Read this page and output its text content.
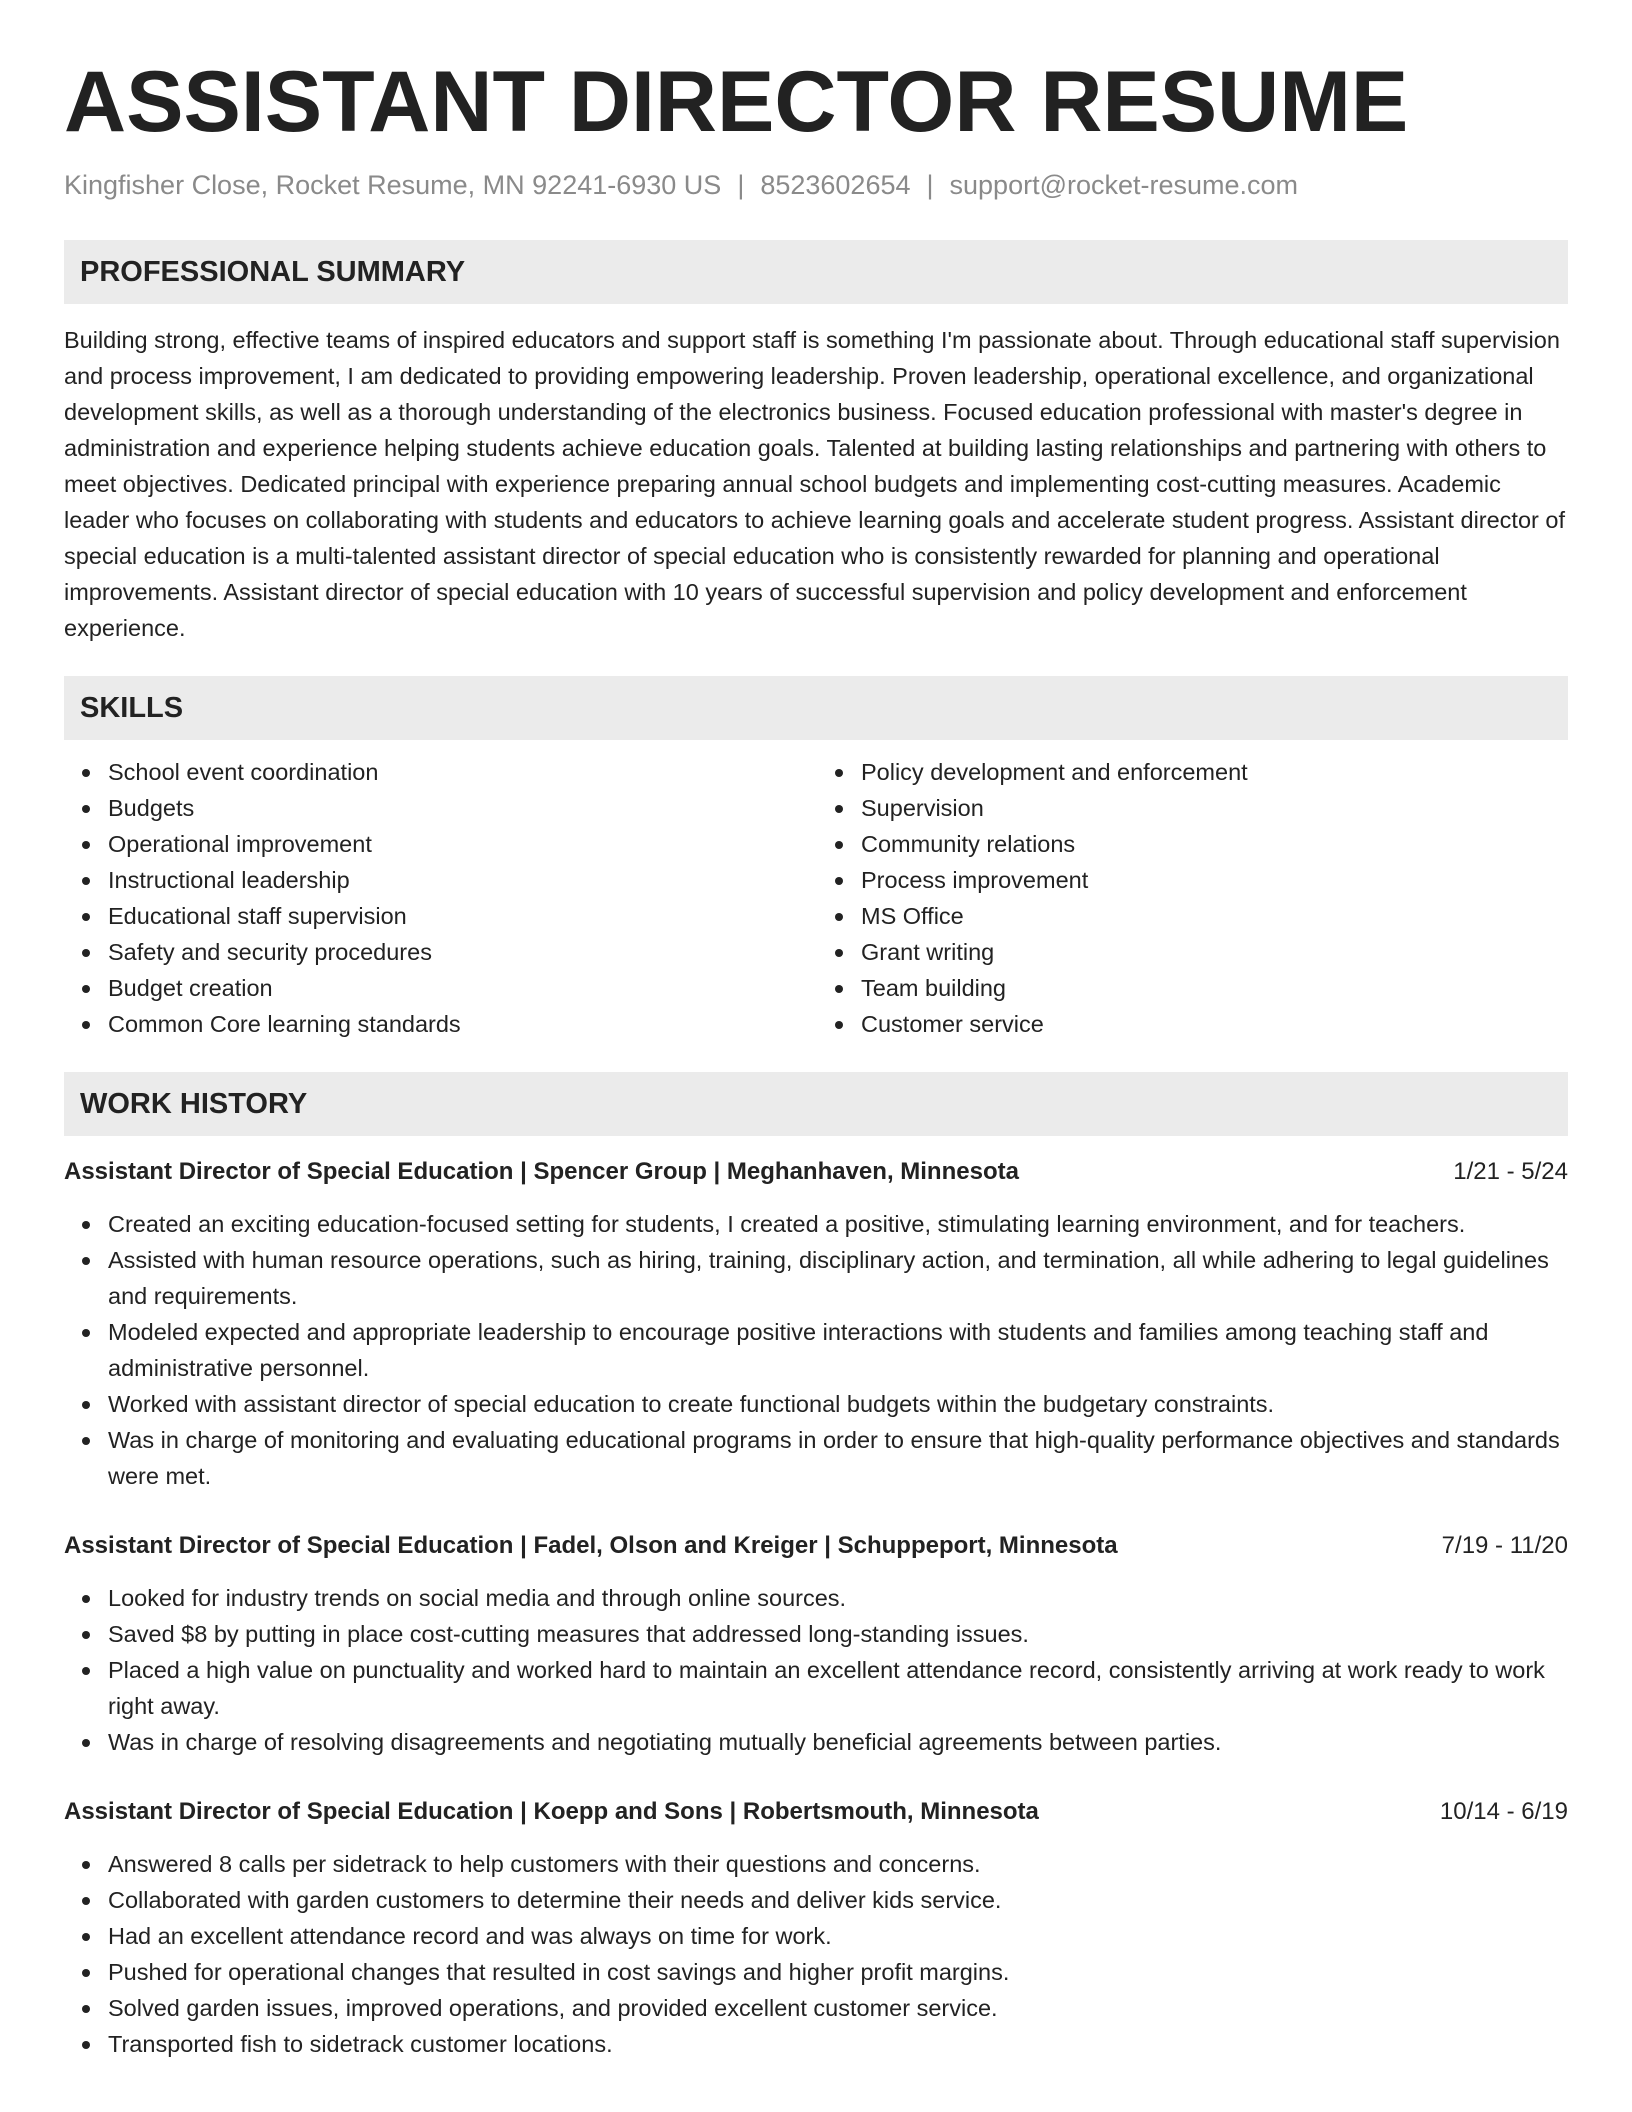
ASSISTANT DIRECTOR RESUME
Kingfisher Close, Rocket Resume, MN 92241-6930 US | 8523602654 | support@rocket-resume.com
PROFESSIONAL SUMMARY
Building strong, effective teams of inspired educators and support staff is something I'm passionate about. Through educational staff supervision and process improvement, I am dedicated to providing empowering leadership. Proven leadership, operational excellence, and organizational development skills, as well as a thorough understanding of the electronics business. Focused education professional with master's degree in administration and experience helping students achieve education goals. Talented at building lasting relationships and partnering with others to meet objectives. Dedicated principal with experience preparing annual school budgets and implementing cost-cutting measures. Academic leader who focuses on collaborating with students and educators to achieve learning goals and accelerate student progress. Assistant director of special education is a multi-talented assistant director of special education who is consistently rewarded for planning and operational improvements. Assistant director of special education with 10 years of successful supervision and policy development and enforcement experience.
SKILLS
School event coordination
Budgets
Operational improvement
Instructional leadership
Educational staff supervision
Safety and security procedures
Budget creation
Common Core learning standards
Policy development and enforcement
Supervision
Community relations
Process improvement
MS Office
Grant writing
Team building
Customer service
WORK HISTORY
Assistant Director of Special Education | Spencer Group | Meghanhaven, Minnesota	1/21 - 5/24
Created an exciting education-focused setting for students, I created a positive, stimulating learning environment, and for teachers.
Assisted with human resource operations, such as hiring, training, disciplinary action, and termination, all while adhering to legal guidelines and requirements.
Modeled expected and appropriate leadership to encourage positive interactions with students and families among teaching staff and administrative personnel.
Worked with assistant director of special education to create functional budgets within the budgetary constraints.
Was in charge of monitoring and evaluating educational programs in order to ensure that high-quality performance objectives and standards were met.
Assistant Director of Special Education | Fadel, Olson and Kreiger | Schuppeport, Minnesota	7/19 - 11/20
Looked for industry trends on social media and through online sources.
Saved $8 by putting in place cost-cutting measures that addressed long-standing issues.
Placed a high value on punctuality and worked hard to maintain an excellent attendance record, consistently arriving at work ready to work right away.
Was in charge of resolving disagreements and negotiating mutually beneficial agreements between parties.
Assistant Director of Special Education | Koepp and Sons | Robertsmouth, Minnesota	10/14 - 6/19
Answered 8 calls per sidetrack to help customers with their questions and concerns.
Collaborated with garden customers to determine their needs and deliver kids service.
Had an excellent attendance record and was always on time for work.
Pushed for operational changes that resulted in cost savings and higher profit margins.
Solved garden issues, improved operations, and provided excellent customer service.
Transported fish to sidetrack customer locations.
